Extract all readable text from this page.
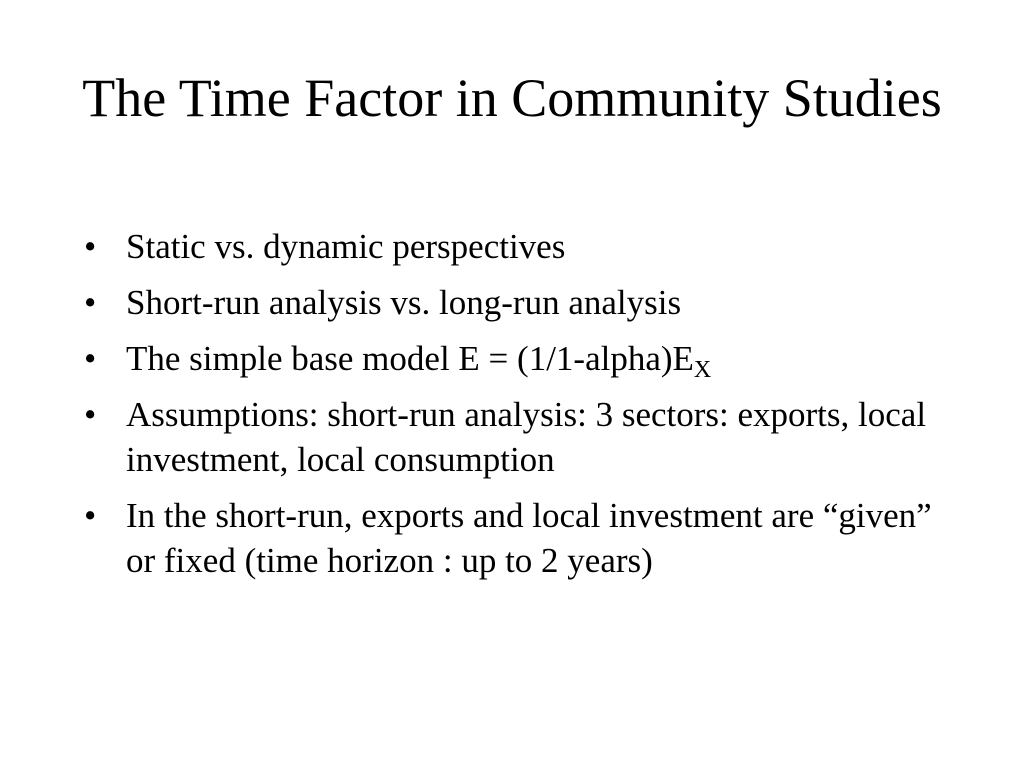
The Time Factor in Community Studies
• Static vs. dynamic perspectives
• Short-run analysis vs. long-run analysis
• The simple base model $E = (1/1-alpha)E_X$
• Assumptions: short-run analysis: 3 sectors: exports, local investment, local consumption
• In the short-run, exports and local investment are “given” or fixed (time horizon : up to 2 years)
